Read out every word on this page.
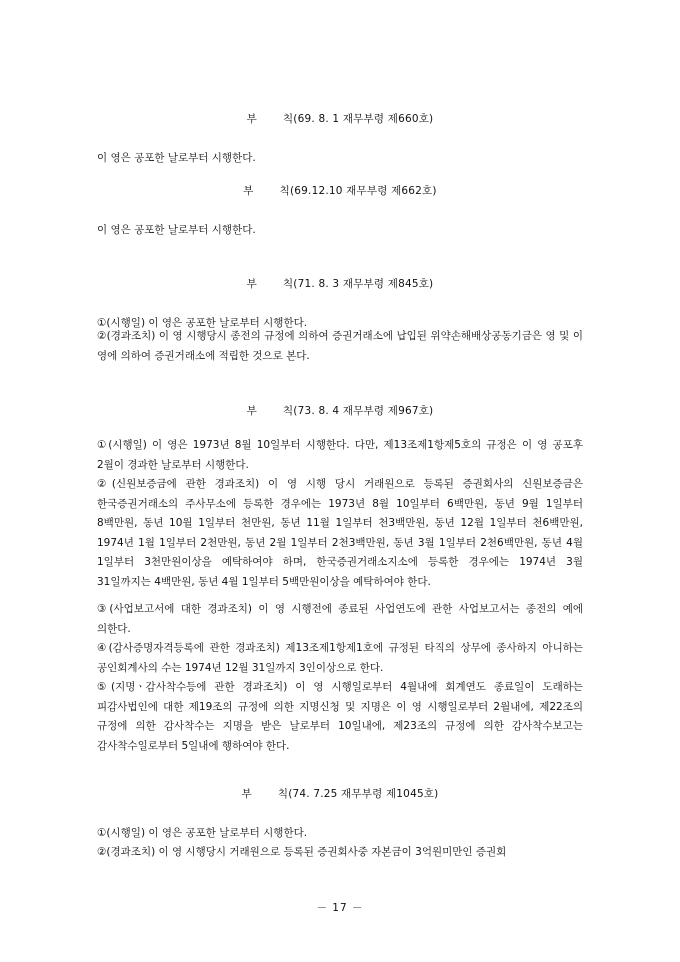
부 칙(69. 8. 1 재무부령 제660호)
이 영은 공포한 날로부터 시행한다.
부 칙(69.12.10 재무부령 제662호)
이 영은 공포한 날로부터 시행한다.
부 칙(71. 8. 3 재무부령 제845호)
①(시행일) 이 영은 공포한 날로부터 시행한다.
②(경과조치) 이 영 시행당시 종전의 규정에 의하여 증권거래소에 납입된 위약손해배상공동기금은 영 및 이 영에 의하여 증권거래소에 적립한 것으로 본다.
부 칙(73. 8. 4 재무부령 제967호)
①(시행일) 이 영은 1973년 8월 10일부터 시행한다. 다만, 제13조제1항제5호의 규정은 이 영 공포후 2월이 경과한 날로부터 시행한다.
②(신원보증금에 관한 경과조치) 이 영 시행 당시 거래원으로 등록된 증권회사의 신원보증금은 한국증권거래소의 주사무소에 등록한 경우에는 1973년 8월 10일부터 6백만원, 동년 9월 1일부터 8백만원, 동년 10월 1일부터 천만원, 동년 11월 1일부터 천3백만원, 동년 12월 1일부터 천6백만원, 1974년 1월 1일부터 2천만원, 동년 2월 1일부터 2천3백만원, 동년 3월 1일부터 2천6백만원, 동년 4월 1일부터 3천만원이상을 예탁하여야 하며, 한국증권거래소지소에 등록한 경우에는 1974년 3월 31일까지는 4백만원, 동년 4월 1일부터 5백만원이상을 예탁하여야 한다.
③(사업보고서에 대한 경과조치) 이 영 시행전에 종료된 사업연도에 관한 사업보고서는 종전의 예에 의한다.
④(감사증명자격등록에 관한 경과조치) 제13조제1항제1호에 규정된 타직의 상무에 종사하지 아니하는 공인회계사의 수는 1974년 12월 31일까지 3인이상으로 한다.
⑤(지명ㆍ감사착수등에 관한 경과조치) 이 영 시행일로부터 4월내에 회계연도 종료일이 도래하는 피감사법인에 대한 제19조의 규정에 의한 지명신청 및 지명은 이 영 시행일로부터 2월내에, 제22조의 규정에 의한 감사착수는 지명을 받은 날로부터 10일내에, 제23조의 규정에 의한 감사착수보고는 감사착수일로부터 5일내에 행하여야 한다.
부 칙(74. 7.25 재무부령 제1045호)
①(시행일) 이 영은 공포한 날로부터 시행한다.
②(경과조치) 이 영 시행당시 거래원으로 등록된 증권회사중 자본금이 3억원미만인 증권회
－ 17 －
